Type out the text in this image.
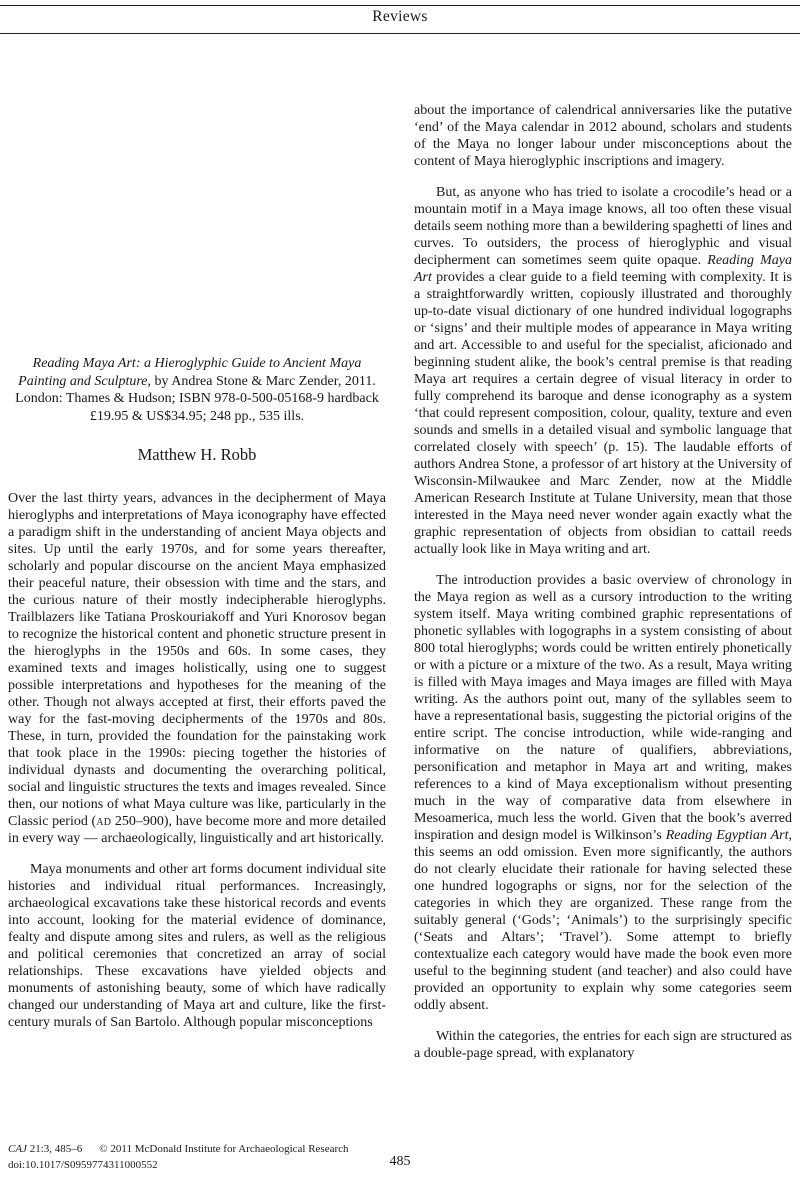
Reviews
Reading Maya Art: a Hieroglyphic Guide to Ancient Maya Painting and Sculpture, by Andrea Stone & Marc Zender, 2011. London: Thames & Hudson; ISBN 978-0-500-05168-9 hardback £19.95 & US$34.95; 248 pp., 535 ills.
Matthew H. Robb

Over the last thirty years, advances in the decipherment of Maya hieroglyphs and interpretations of Maya iconography have effected a paradigm shift in the understanding of ancient Maya objects and sites. Up until the early 1970s, and for some years thereafter, scholarly and popular discourse on the ancient Maya emphasized their peaceful nature, their obsession with time and the stars, and the curious nature of their mostly indecipherable hieroglyphs. Trailblazers like Tatiana Proskouriakoff and Yuri Knorosov began to recognize the historical content and phonetic structure present in the hieroglyphs in the 1950s and 60s. In some cases, they examined texts and images holistically, using one to suggest possible interpretations and hypotheses for the meaning of the other. Though not always accepted at first, their efforts paved the way for the fast-moving decipherments of the 1970s and 80s. These, in turn, provided the foundation for the painstaking work that took place in the 1990s: piecing together the histories of individual dynasts and documenting the overarching political, social and linguistic structures the texts and images revealed. Since then, our notions of what Maya culture was like, particularly in the Classic period (ad 250–900), have become more and more detailed in every way — archaeologically, linguistically and art historically.

Maya monuments and other art forms document individual site histories and individual ritual performances. Increasingly, archaeological excavations take these historical records and events into account, looking for the material evidence of dominance, fealty and dispute among sites and rulers, as well as the religious and political ceremonies that concretized an array of social relationships. These excavations have yielded objects and monuments of astonishing beauty, some of which have radically changed our understanding of Maya art and culture, like the first-century murals of San Bartolo. Although popular misconceptions

about the importance of calendrical anniversaries like the putative ‘end’ of the Maya calendar in 2012 abound, scholars and students of the Maya no longer labour under misconceptions about the content of Maya hieroglyphic inscriptions and imagery.

But, as anyone who has tried to isolate a crocodile’s head or a mountain motif in a Maya image knows, all too often these visual details seem nothing more than a bewildering spaghetti of lines and curves. To outsiders, the process of hieroglyphic and visual decipherment can sometimes seem quite opaque. Reading Maya Art provides a clear guide to a field teeming with complexity. It is a straightforwardly written, copiously illustrated and thoroughly up-to-date visual dictionary of one hundred individual logographs or ‘signs’ and their multiple modes of appearance in Maya writing and art. Accessible to and useful for the specialist, aficionado and beginning student alike, the book’s central premise is that reading Maya art requires a certain degree of visual literacy in order to fully comprehend its baroque and dense iconography as a system ‘that could represent composition, colour, quality, texture and even sounds and smells in a detailed visual and symbolic language that correlated closely with speech’ (p. 15). The laudable efforts of authors Andrea Stone, a professor of art history at the University of Wisconsin-Milwaukee and Marc Zender, now at the Middle American Research Institute at Tulane University, mean that those interested in the Maya need never wonder again exactly what the graphic representation of objects from obsidian to cattail reeds actually look like in Maya writing and art.

The introduction provides a basic overview of chronology in the Maya region as well as a cursory introduction to the writing system itself. Maya writing combined graphic representations of phonetic syllables with logographs in a system consisting of about 800 total hieroglyphs; words could be written entirely phonetically or with a picture or a mixture of the two. As a result, Maya writing is filled with Maya images and Maya images are filled with Maya writing. As the authors point out, many of the syllables seem to have a representational basis, suggesting the pictorial origins of the entire script. The concise introduction, while wide-ranging and informative on the nature of qualifiers, abbreviations, personification and metaphor in Maya art and writing, makes references to a kind of Maya exceptionalism without presenting much in the way of comparative data from elsewhere in Mesoamerica, much less the world. Given that the book’s averred inspiration and design model is Wilkinson’s Reading Egyptian Art, this seems an odd omission. Even more significantly, the authors do not clearly elucidate their rationale for having selected these one hundred logographs or signs, nor for the selection of the categories in which they are organized. These range from the suitably general (‘Gods’; ‘Animals’) to the surprisingly specific (‘Seats and Altars’; ‘Travel’). Some attempt to briefly contextualize each category would have made the book even more useful to the beginning student (and teacher) and also could have provided an opportunity to explain why some categories seem oddly absent.

Within the categories, the entries for each sign are structured as a double-page spread, with explanatory

CAJ 21:3, 485–6 © 2011 McDonald Institute for Archaeological Research
doi:10.1017/S0959774311000552	485
